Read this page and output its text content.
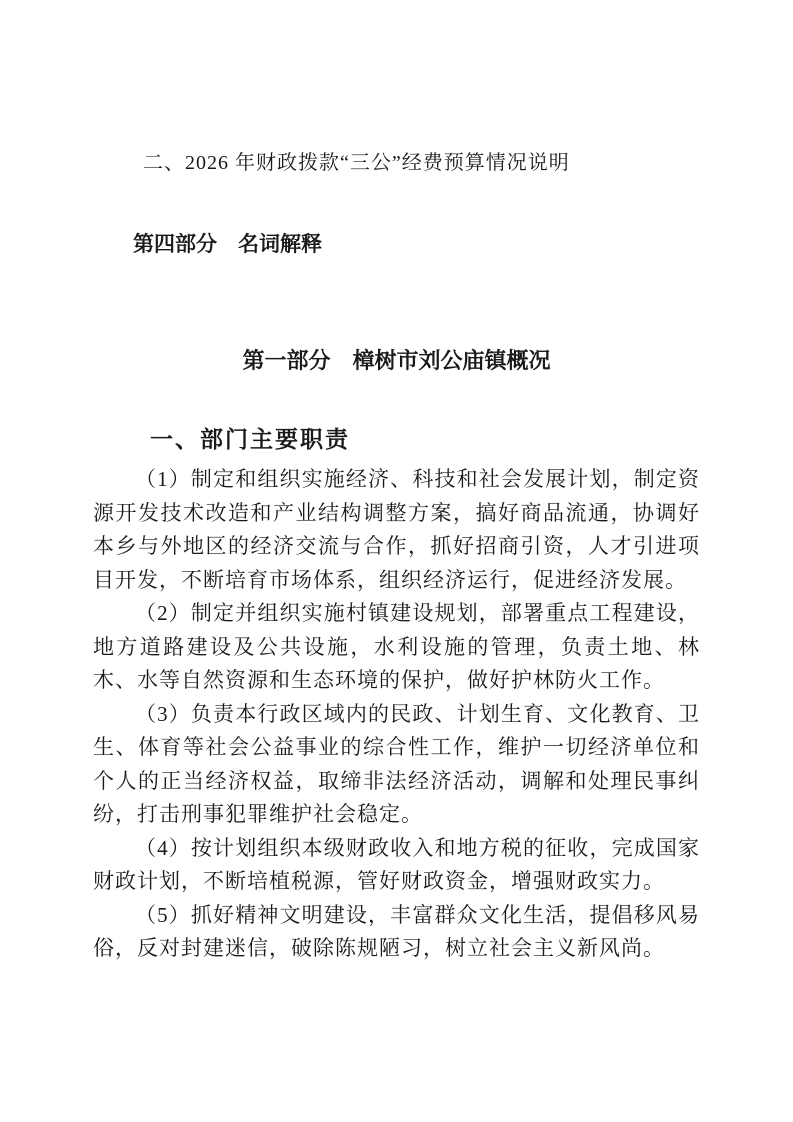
二、2026 年财政拨款“三公”经费预算情况说明
第四部分　名词解释
第一部分　樟树市刘公庙镇概况
一、部门主要职责

（1）制定和组织实施经济、科技和社会发展计划，制定资源开发技术改造和产业结构调整方案，搞好商品流通，协调好本乡与外地区的经济交流与合作，抓好招商引资，人才引进项目开发，不断培育市场体系，组织经济运行，促进经济发展。

（2）制定并组织实施村镇建设规划，部署重点工程建设，地方道路建设及公共设施，水利设施的管理，负责土地、林木、水等自然资源和生态环境的保护，做好护林防火工作。

（3）负责本行政区域内的民政、计划生育、文化教育、卫生、体育等社会公益事业的综合性工作，维护一切经济单位和个人的正当经济权益，取缔非法经济活动，调解和处理民事纠纷，打击刑事犯罪维护社会稳定。

（4）按计划组织本级财政收入和地方税的征收，完成国家财政计划，不断培植税源，管好财政资金，增强财政实力。

（5）抓好精神文明建设，丰富群众文化生活，提倡移风易俗，反对封建迷信，破除陈规陋习，树立社会主义新风尚。
